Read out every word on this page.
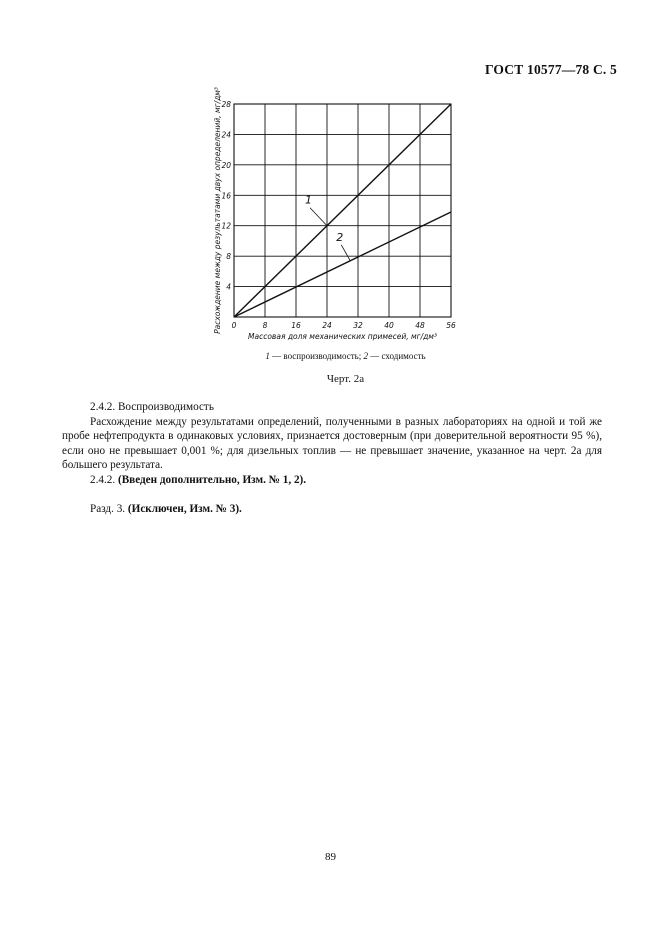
ГОСТ 10577—78 С. 5
0	8	16	24	32	40	48	56
4
8
12
16
20
24
28
Массовая доля механических примесей, мг/дм³
Расхождение между результатами двух определений, мг/дм³	1
2
1 — воспроизводимость; 2 — сходимость
Черт. 2а

2.4.2. Воспроизводимость

Расхождение между результатами определений, полученными в разных лабораториях на одной и той же пробе нефтепродукта в одинаковых условиях, признается достоверным (при доверительной вероятности 95 %), если оно не превышает 0,001 %; для дизельных топлив — не превышает значение, указанное на черт. 2а для большего результата.

2.4.2. (Введен дополнительно, Изм. № 1, 2).

Разд. 3. (Исключен, Изм. № 3).

89
